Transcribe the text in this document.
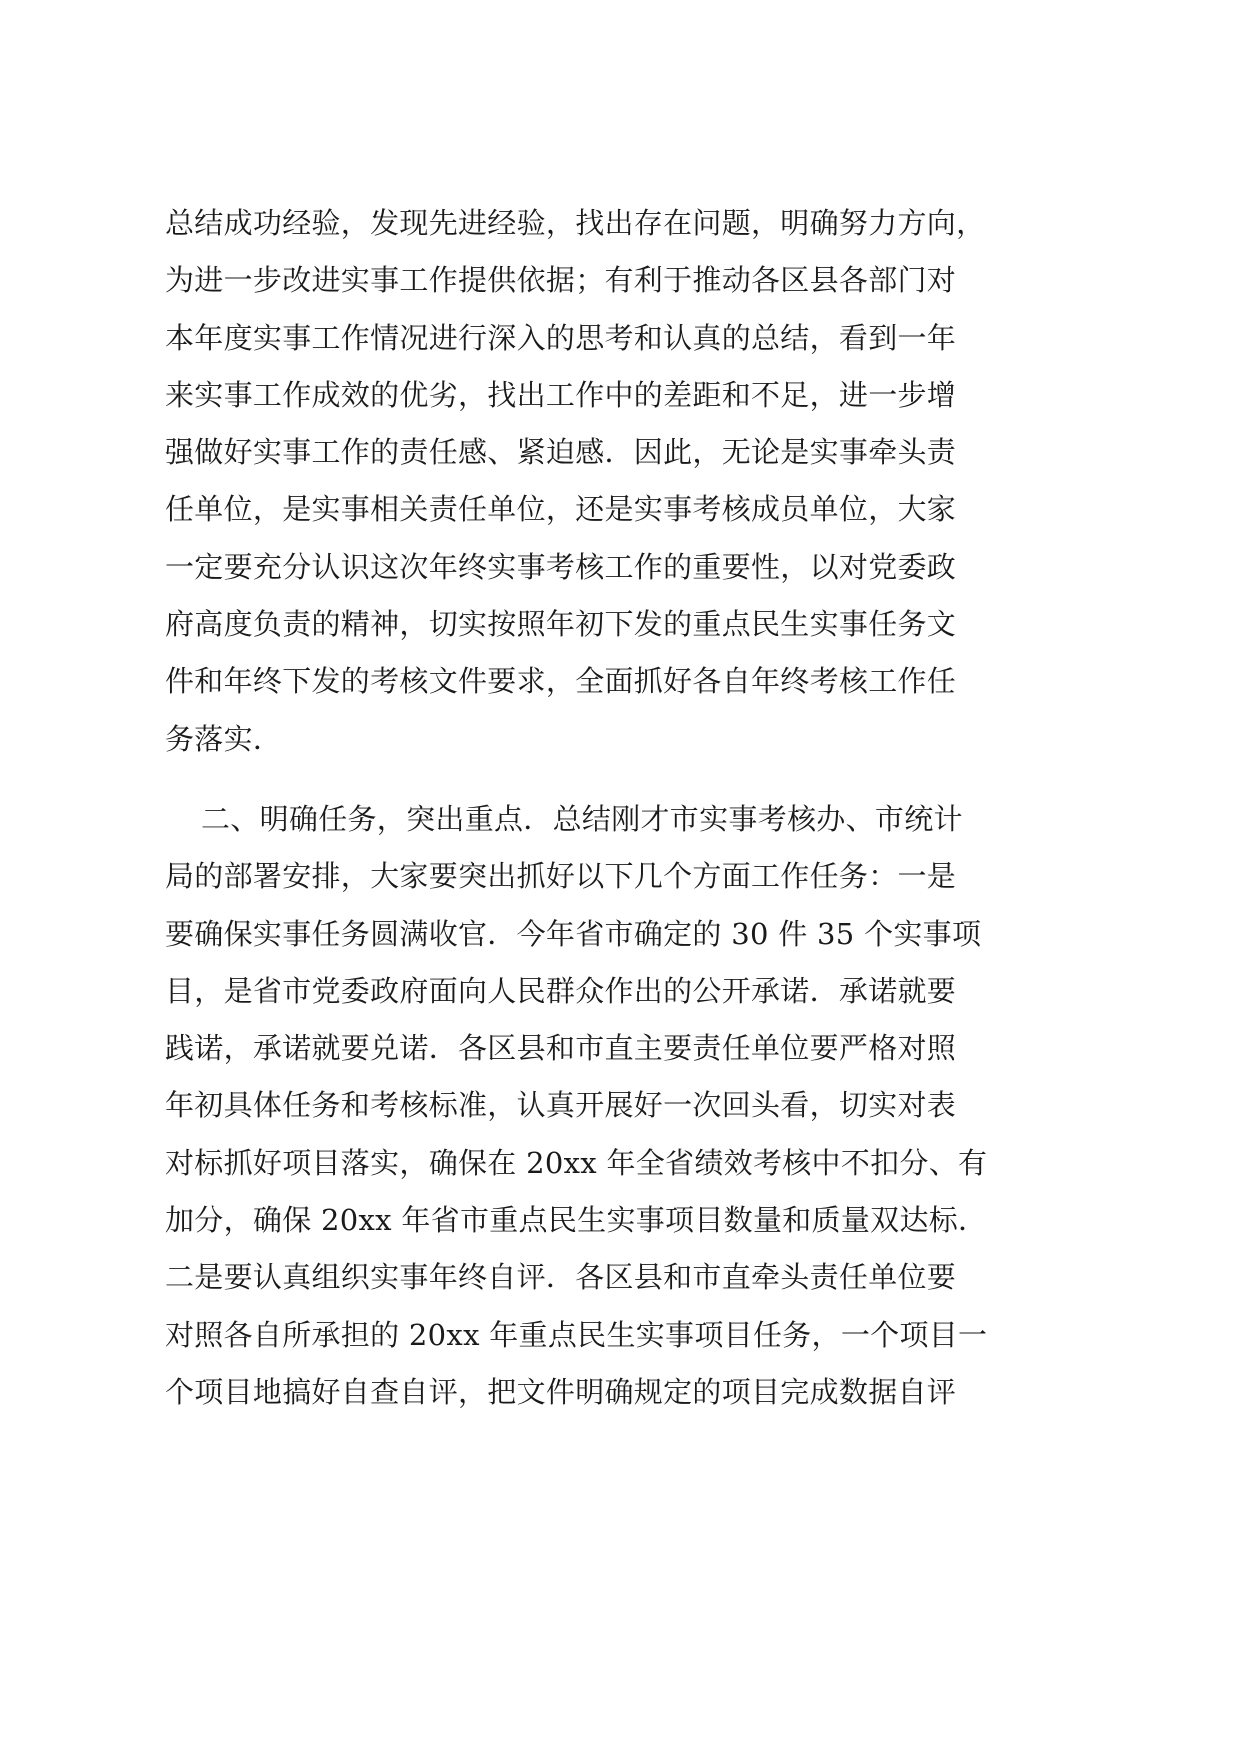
总结成功经验，发现先进经验，找出存在问题，明确努力方向，
为进一步改进实事工作提供依据；有利于推动各区县各部门对
本年度实事工作情况进行深入的思考和认真的总结，看到一年
来实事工作成效的优劣，找出工作中的差距和不足，进一步增
强做好实事工作的责任感、紧迫感．因此，无论是实事牵头责
任单位，是实事相关责任单位，还是实事考核成员单位，大家
一定要充分认识这次年终实事考核工作的重要性，以对党委政
府高度负责的精神，切实按照年初下发的重点民生实事任务文
件和年终下发的考核文件要求，全面抓好各自年终考核工作任
务落实．
二、明确任务，突出重点．总结刚才市实事考核办、市统计
局的部署安排，大家要突出抓好以下几个方面工作任务：一是
要确保实事任务圆满收官．今年省市确定的 30 件 35 个实事项
目，是省市党委政府面向人民群众作出的公开承诺．承诺就要
践诺，承诺就要兑诺．各区县和市直主要责任单位要严格对照
年初具体任务和考核标准，认真开展好一次回头看，切实对表
对标抓好项目落实，确保在 20xx 年全省绩效考核中不扣分、有
加分，确保 20xx 年省市重点民生实事项目数量和质量双达标．
二是要认真组织实事年终自评．各区县和市直牵头责任单位要
对照各自所承担的 20xx 年重点民生实事项目任务，一个项目一
个项目地搞好自查自评，把文件明确规定的项目完成数据自评
